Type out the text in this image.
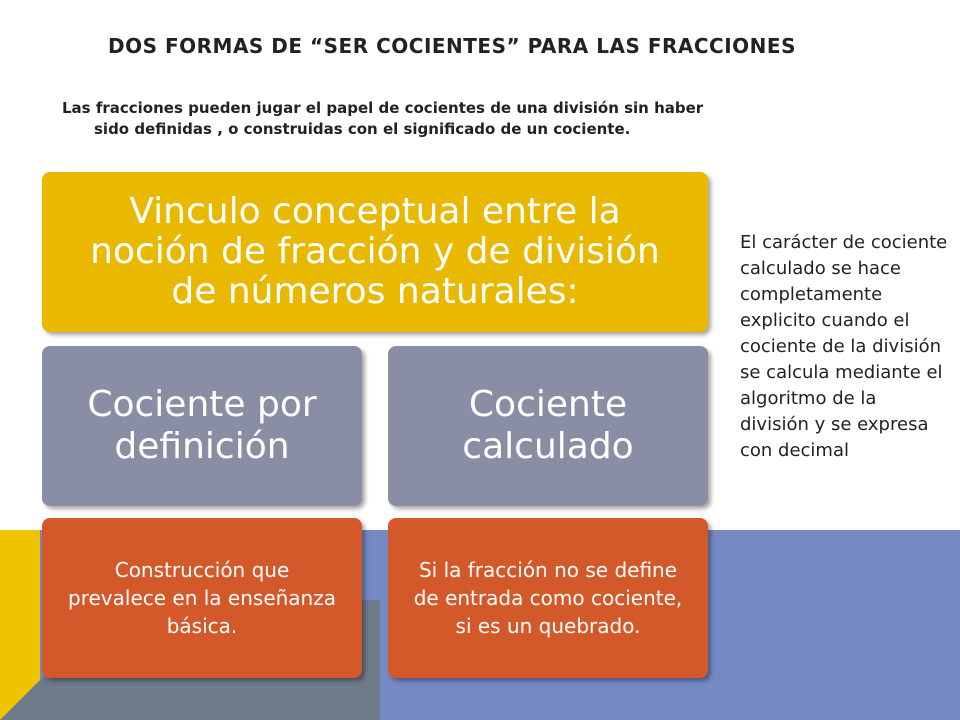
DOS FORMAS DE “SER COCIENTES” PARA LAS FRACCIONES
Las fracciones pueden jugar el papel de cocientes de una división sin haber
sido definidas , o construidas con el significado de un cociente.
Vinculo conceptual entre la noción de fracción y de división de números naturales:
Cociente por definición
Cociente calculado
Construcción que prevalece en la enseñanza básica.
Si la fracción no se define de entrada como cociente, si es un quebrado.
El carácter de cociente calculado se hace completamente explicito cuando el cociente de la división se calcula mediante el algoritmo de la división y se expresa con decimal
